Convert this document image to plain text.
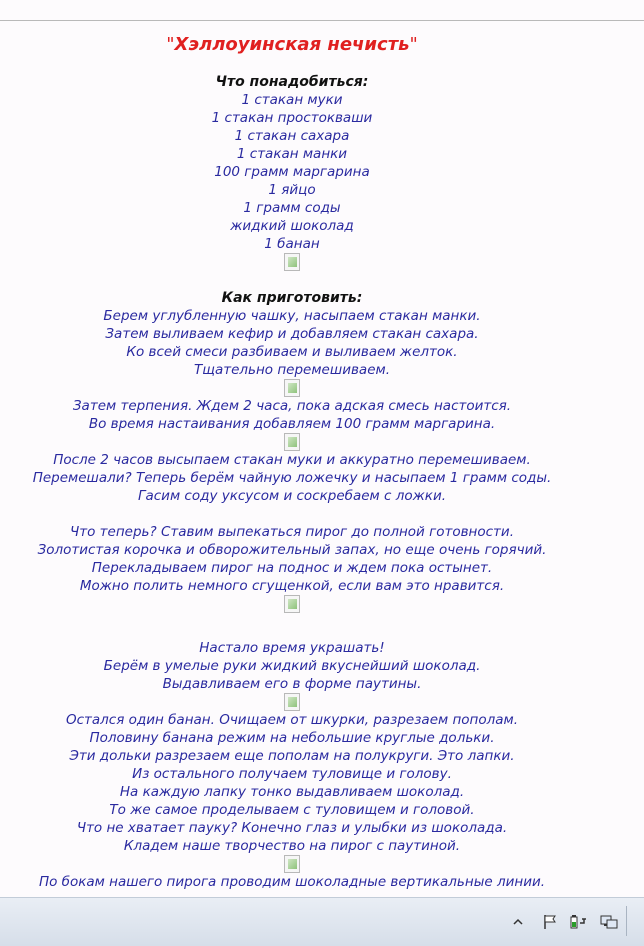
"Хэллоуинская нечисть"
Что понадобиться:
1 стакан муки
1 стакан простокваши
1 стакан сахара
1 стакан манки
100 грамм маргарина
1 яйцо
1 грамм соды
жидкий шоколад
1 банан
Как приготовить:
Берем углубленную чашку, насыпаем стакан манки.
Затем выливаем кефир и добавляем стакан сахара.
Ко всей смеси разбиваем и выливаем желток.
Тщательно перемешиваем.
Затем терпения. Ждем 2 часа, пока адская смесь настоится.
Во время настаивания добавляем 100 грамм маргарина.
После 2 часов высыпаем стакан муки и аккуратно перемешиваем.
Перемешали? Теперь берём чайную ложечку и насыпаем 1 грамм соды.
Гасим соду уксусом и соскребаем с ложки.
Что теперь? Ставим выпекаться пирог до полной готовности.
Золотистая корочка и обворожительный запах, но еще очень горячий.
Перекладываем пирог на поднос и ждем пока остынет.
Можно полить немного сгущенкой, если вам это нравится.
Настало время украшать!
Берём в умелые руки жидкий вкуснейший шоколад.
Выдавливаем его в форме паутины.
Остался один банан. Очищаем от шкурки, разрезаем пополам.
Половину банана режим на небольшие круглые дольки.
Эти дольки разрезаем еще пополам на полукруги. Это лапки.
Из остального получаем туловище и голову.
На каждую лапку тонко выдавливаем шоколад.
То же самое проделываем с туловищем и головой.
Что не хватает пауку? Конечно глаз и улыбки из шоколада.
Кладем наше творчество на пирог с паутиной.
По бокам нашего пирога проводим шоколадные вертикальные линии.
